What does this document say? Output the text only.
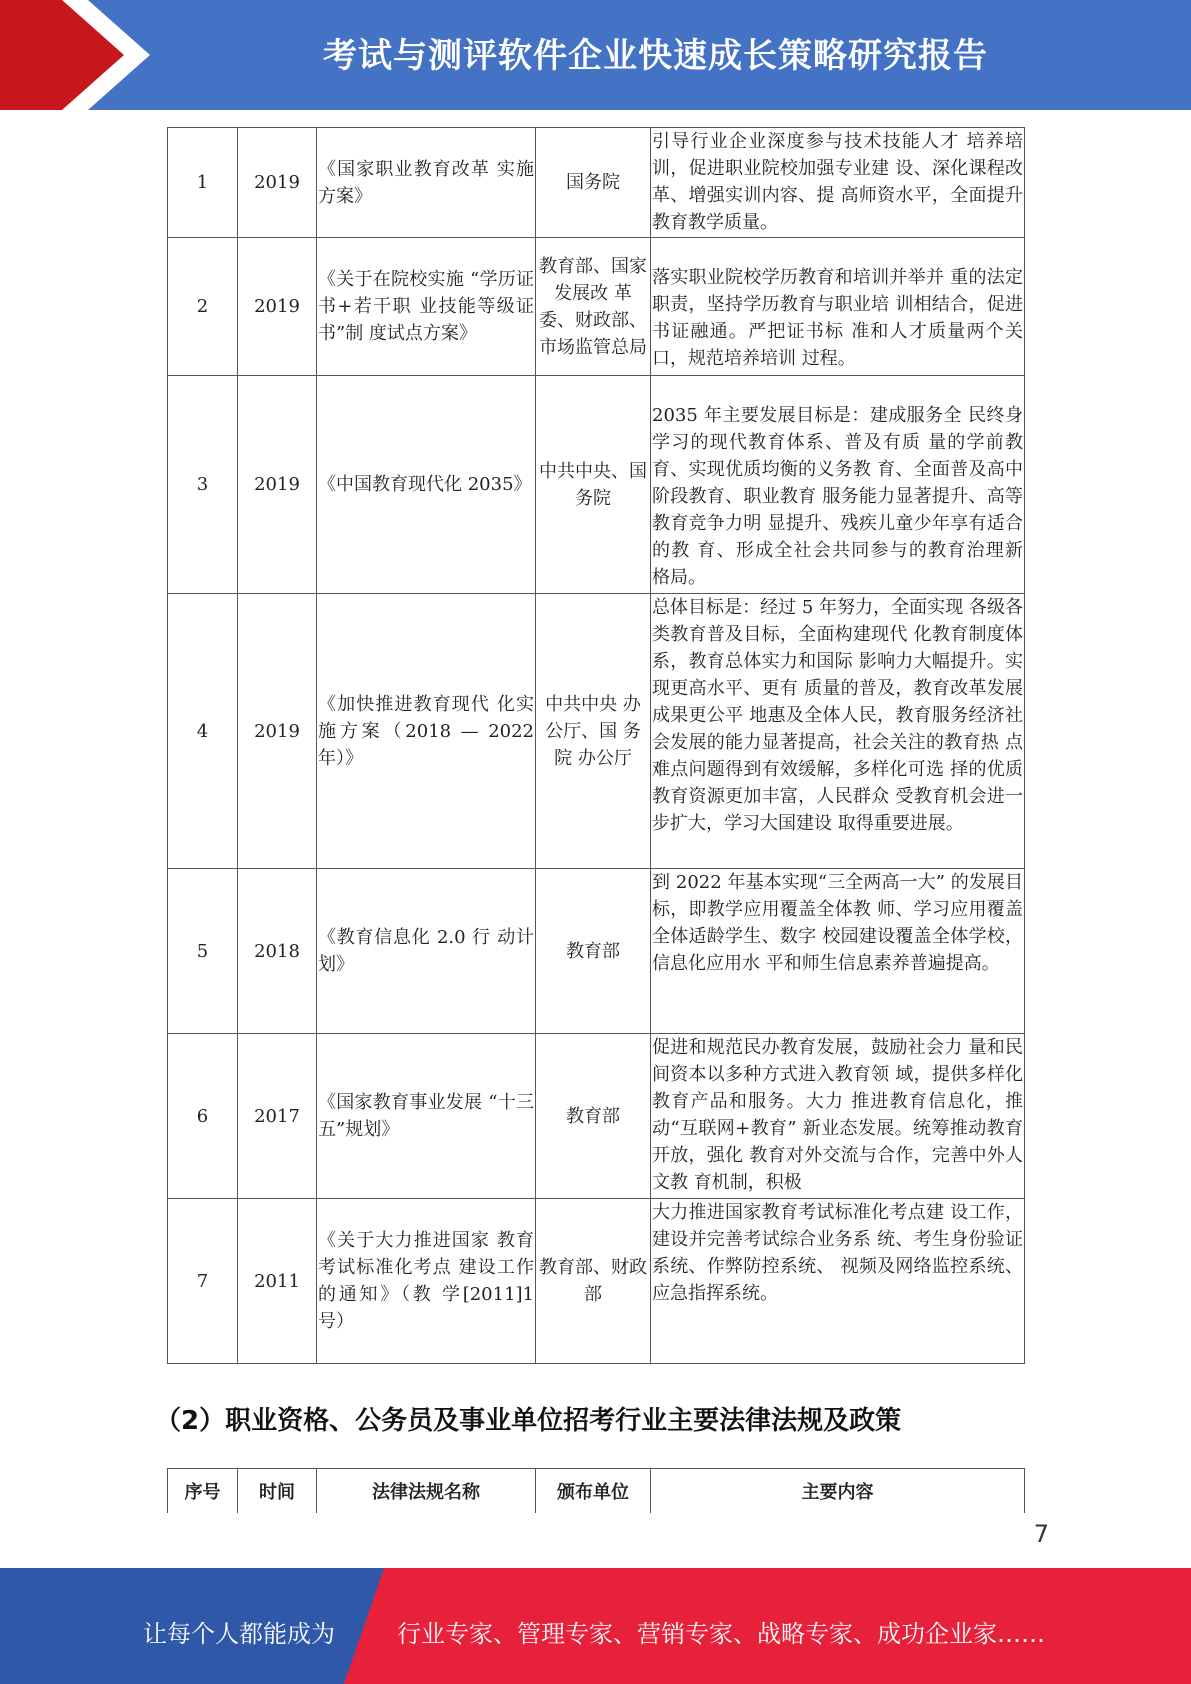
考试与测评软件企业快速成长策略研究报告
1	2019	《国家职业教育改革 实施方案》	国务院	引导行业企业深度参与技术技能人才 培养培训，促进职业院校加强专业建 设、深化课程改革、增强实训内容、提 高师资水平，全面提升教育教学质量。
2	2019	《关于在院校实施 “学历证书+若干职 业技能等级证书”制 度试点方案》	教育部、国家发展改 革委、财政部、市场监管总局	落实职业院校学历教育和培训并举并 重的法定职责，坚持学历教育与职业培 训相结合，促进书证融通。严把证书标 准和人才质量两个关口，规范培养培训 过程。
3	2019	《中国教育现代化 2035》	中共中央、国务院	2035 年主要发展目标是：建成服务全 民终身学习的现代教育体系、普及有质 量的学前教育、实现优质均衡的义务教 育、全面普及高中阶段教育、职业教育 服务能力显著提升、高等教育竞争力明 显提升、残疾儿童少年享有适合的教 育、形成全社会共同参与的教育治理新 格局。
4	2019	《加快推进教育现代 化实施方案（2018 — 2022 年）》	中共中央 办公厅、国 务院 办公厅	总体目标是：经过 5 年努力，全面实现 各级各类教育普及目标，全面构建现代 化教育制度体系，教育总体实力和国际 影响力大幅提升。实现更高水平、更有 质量的普及，教育改革发展成果更公平 地惠及全体人民，教育服务经济社会发展的能力显著提高，社会关注的教育热 点难点问题得到有效缓解，多样化可选 择的优质教育资源更加丰富，人民群众 受教育机会进一步扩大，学习大国建设 取得重要进展。
5	2018	《教育信息化 2.0 行 动计划》	教育部	到 2022 年基本实现“三全两高一大” 的发展目标，即教学应用覆盖全体教 师、学习应用覆盖全体适龄学生、数字 校园建设覆盖全体学校，信息化应用水 平和师生信息素养普遍提高。
6	2017	《国家教育事业发展 “十三五”规划》	教育部	促进和规范民办教育发展，鼓励社会力 量和民间资本以多种方式进入教育领 域，提供多样化教育产品和服务。大力 推进教育信息化，推动“互联网+教育” 新业态发展。统筹推动教育开放，强化 教育对外交流与合作，完善中外人文教 育机制，积极
7	2011	《关于大力推进国家 教育考试标准化考点 建设工作的通知》（教 学[2011]1 号）	教育部、财政部	大力推进国家教育考试标准化考点建 设工作，建设并完善考试综合业务系 统、考生身份验证系统、作弊防控系统、 视频及网络监控系统、应急指挥系统。
（2）职业资格、公务员及事业单位招考行业主要法律法规及政策
序号	时间	法律法规名称	颁布单位	主要内容
7
让每个人都能成为	行业专家、管理专家、营销专家、战略专家、成功企业家……
